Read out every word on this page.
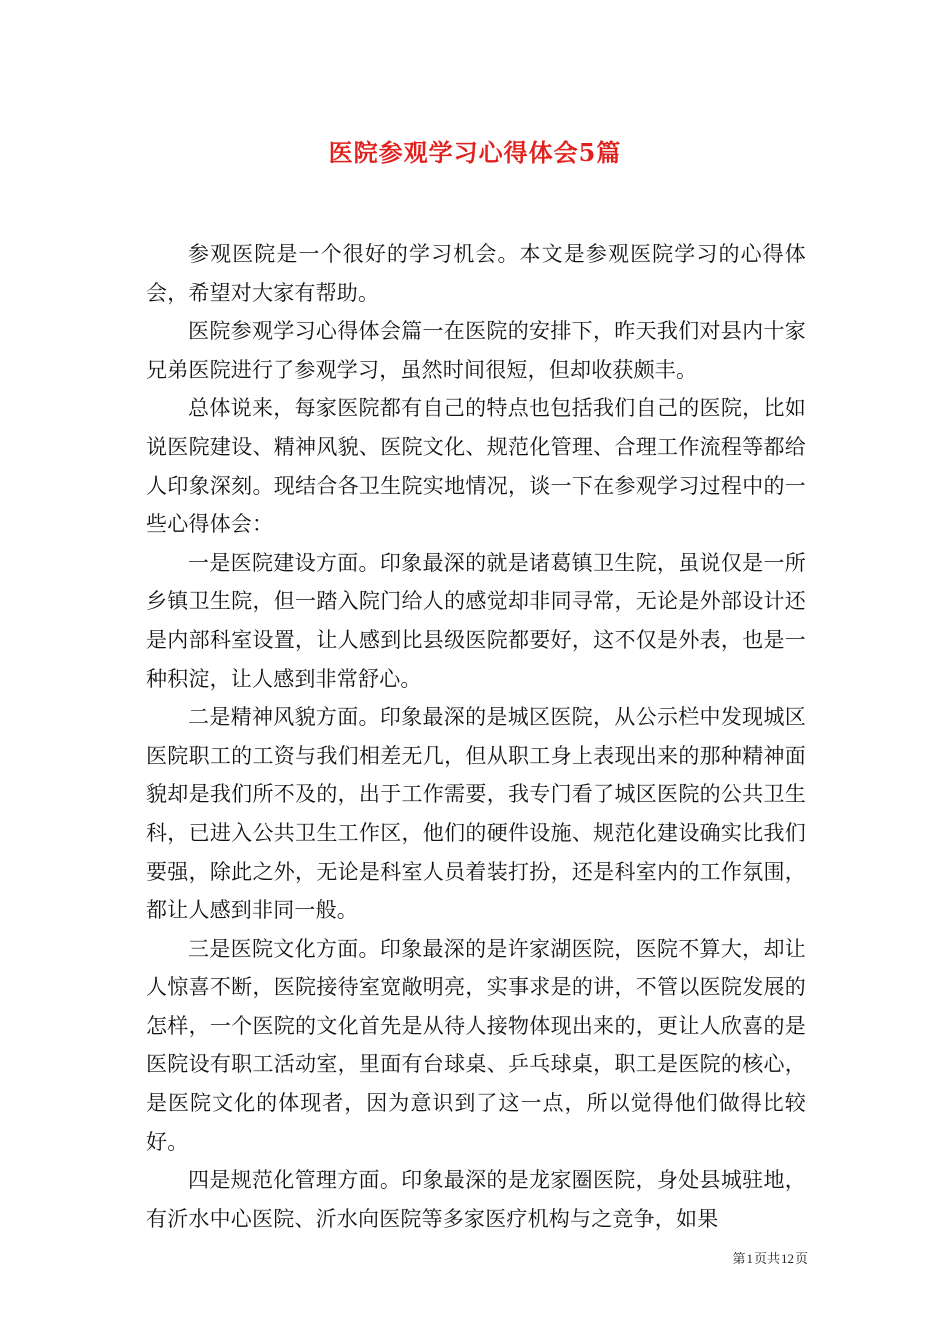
医院参观学习心得体会5篇

参观医院是一个很好的学习机会。本文是参观医院学习的心得体会，希望对大家有帮助。

医院参观学习心得体会篇一在医院的安排下，昨天我们对县内十家兄弟医院进行了参观学习，虽然时间很短，但却收获颇丰。

总体说来，每家医院都有自己的特点也包括我们自己的医院，比如说医院建设、精神风貌、医院文化、规范化管理、合理工作流程等都给人印象深刻。现结合各卫生院实地情况，谈一下在参观学习过程中的一些心得体会：

一是医院建设方面。印象最深的就是诸葛镇卫生院，虽说仅是一所乡镇卫生院，但一踏入院门给人的感觉却非同寻常，无论是外部设计还是内部科室设置，让人感到比县级医院都要好，这不仅是外表，也是一种积淀，让人感到非常舒心。

二是精神风貌方面。印象最深的是城区医院，从公示栏中发现城区医院职工的工资与我们相差无几，但从职工身上表现出来的那种精神面貌却是我们所不及的，出于工作需要，我专门看了城区医院的公共卫生科，已进入公共卫生工作区，他们的硬件设施、规范化建设确实比我们要强，除此之外，无论是科室人员着装打扮，还是科室内的工作氛围，都让人感到非同一般。

三是医院文化方面。印象最深的是许家湖医院，医院不算大，却让人惊喜不断，医院接待室宽敞明亮，实事求是的讲，不管以医院发展的怎样，一个医院的文化首先是从待人接物体现出来的，更让人欣喜的是医院设有职工活动室，里面有台球桌、乒乓球桌，职工是医院的核心，是医院文化的体现者，因为意识到了这一点，所以觉得他们做得比较好。

四是规范化管理方面。印象最深的是龙家圈医院，身处县城驻地，有沂水中心医院、沂水向医院等多家医疗机构与之竞争，如果

第1页共12页
